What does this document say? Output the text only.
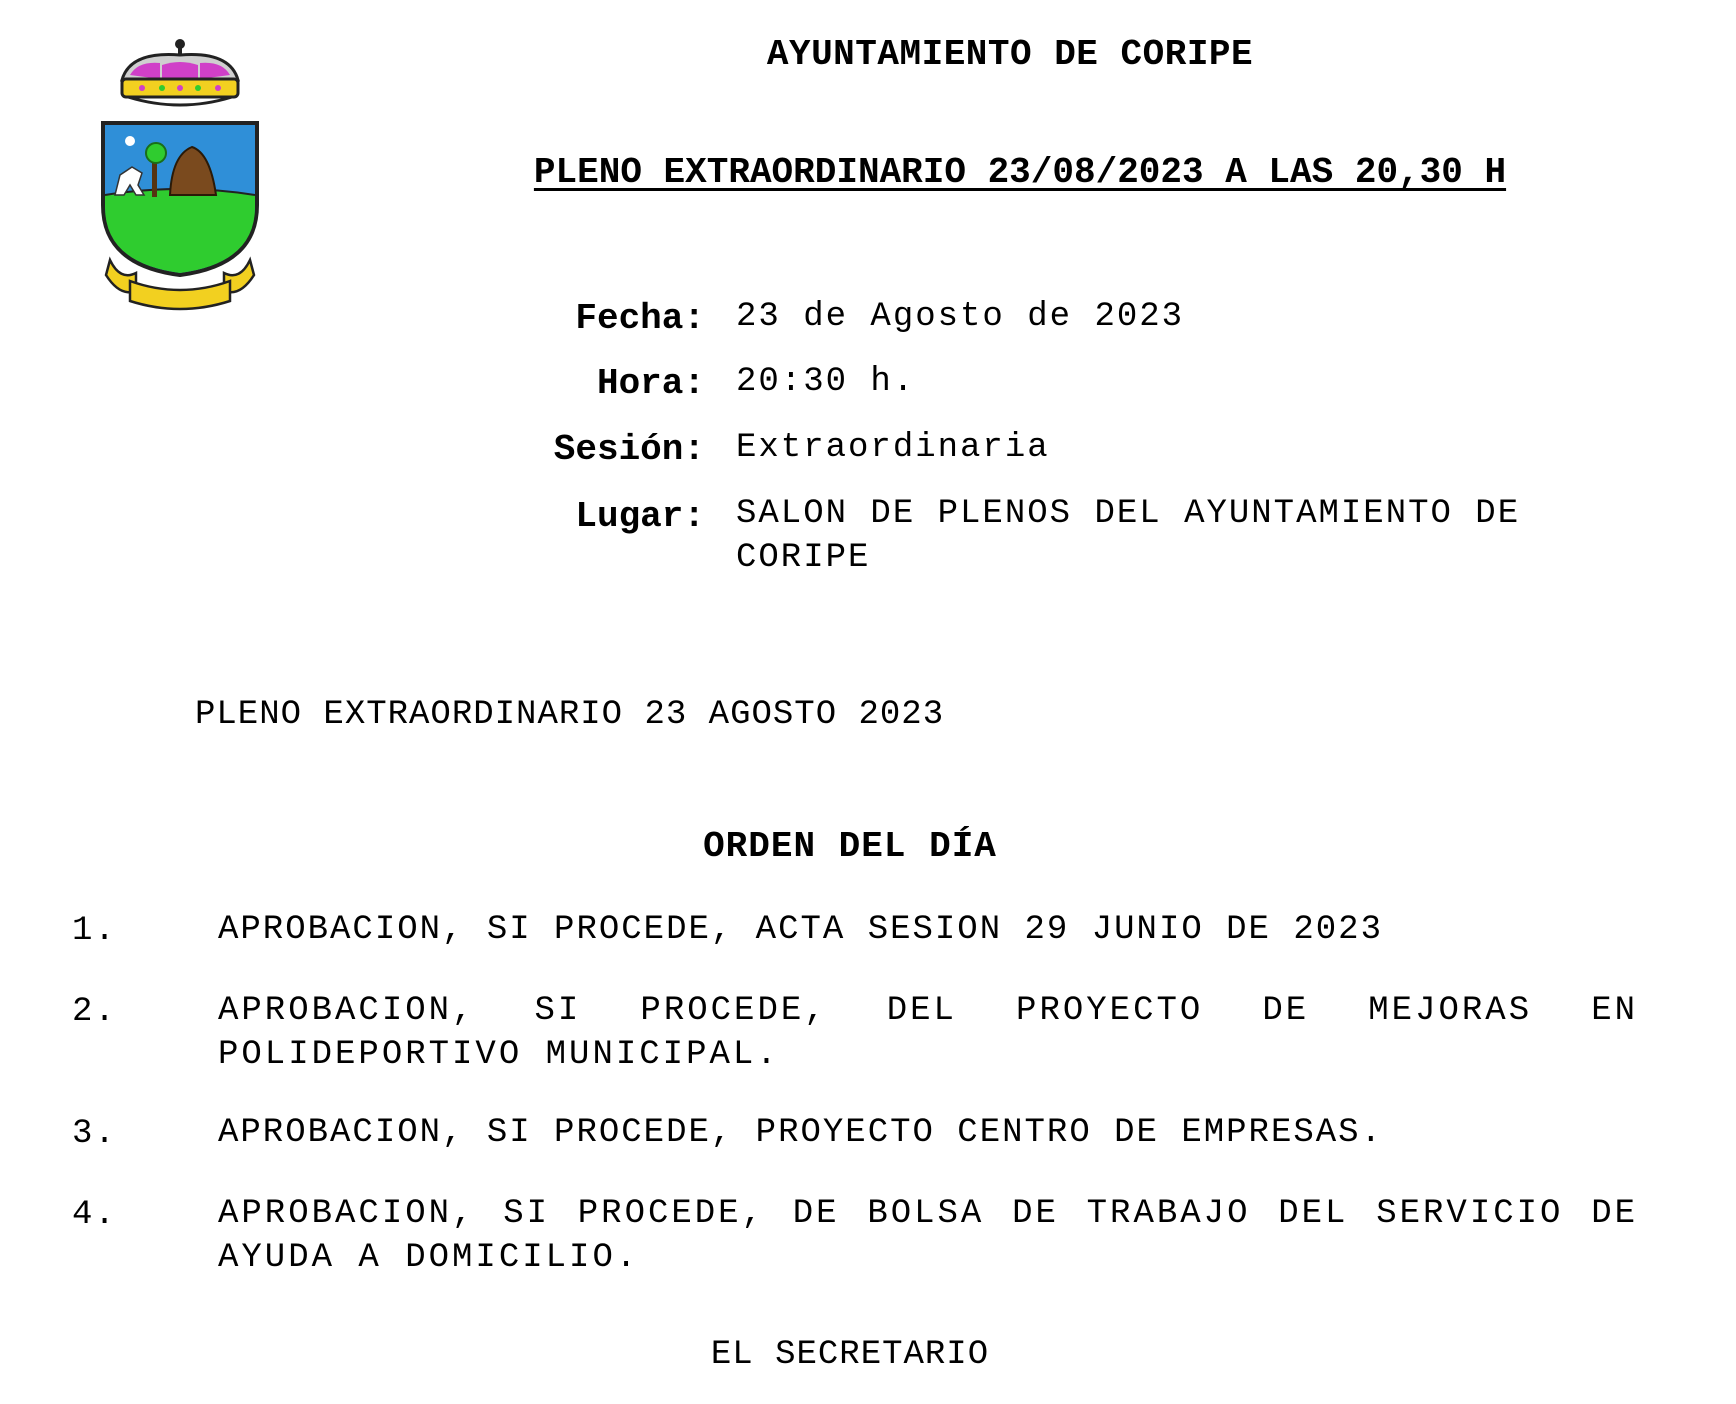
AYUNTAMIENTO DE CORIPE
PLENO EXTRAORDINARIO 23/08/2023 A LAS 20,30 H
Fecha: 23 de Agosto de 2023
Hora: 20:30 h.
Sesión: Extraordinaria
Lugar: SALON DE PLENOS DEL AYUNTAMIENTO DE CORIPE
PLENO EXTRAORDINARIO 23 AGOSTO 2023
ORDEN DEL DÍA
1.	APROBACION, SI PROCEDE, ACTA SESION 29 JUNIO DE 2023
2.	APROBACION, SI PROCEDE, DEL PROYECTO DE MEJORAS EN POLIDEPORTIVO MUNICIPAL.
3.	APROBACION, SI PROCEDE, PROYECTO CENTRO DE EMPRESAS.
4.	APROBACION, SI PROCEDE, DE BOLSA DE TRABAJO DEL SERVICIO DE AYUDA A DOMICILIO.
EL SECRETARIO
